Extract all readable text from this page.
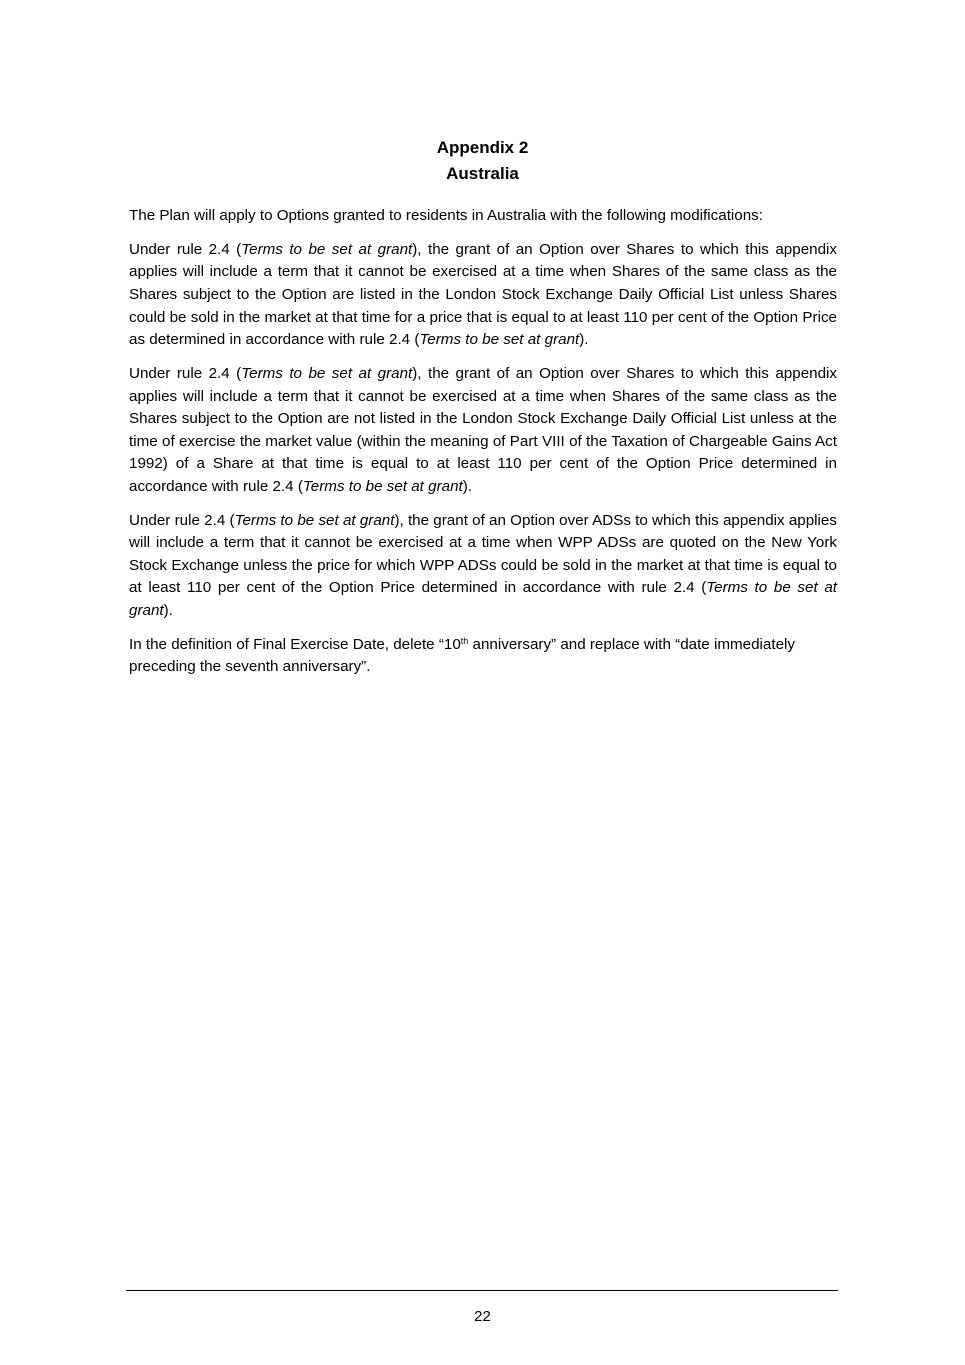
Appendix 2
Australia

The Plan will apply to Options granted to residents in Australia with the following modifications:

Under rule 2.4 (Terms to be set at grant), the grant of an Option over Shares to which this appendix applies will include a term that it cannot be exercised at a time when Shares of the same class as the Shares subject to the Option are listed in the London Stock Exchange Daily Official List unless Shares could be sold in the market at that time for a price that is equal to at least 110 per cent of the Option Price as determined in accordance with rule 2.4 (Terms to be set at grant).

Under rule 2.4 (Terms to be set at grant), the grant of an Option over Shares to which this appendix applies will include a term that it cannot be exercised at a time when Shares of the same class as the Shares subject to the Option are not listed in the London Stock Exchange Daily Official List unless at the time of exercise the market value (within the meaning of Part VIII of the Taxation of Chargeable Gains Act 1992) of a Share at that time is equal to at least 110 per cent of the Option Price determined in accordance with rule 2.4 (Terms to be set at grant).

Under rule 2.4 (Terms to be set at grant), the grant of an Option over ADSs to which this appendix applies will include a term that it cannot be exercised at a time when WPP ADSs are quoted on the New York Stock Exchange unless the price for which WPP ADSs could be sold in the market at that time is equal to at least 110 per cent of the Option Price determined in accordance with rule 2.4 (Terms to be set at grant).

In the definition of Final Exercise Date, delete “10th anniversary” and replace with “date immediately preceding the seventh anniversary”.

22
